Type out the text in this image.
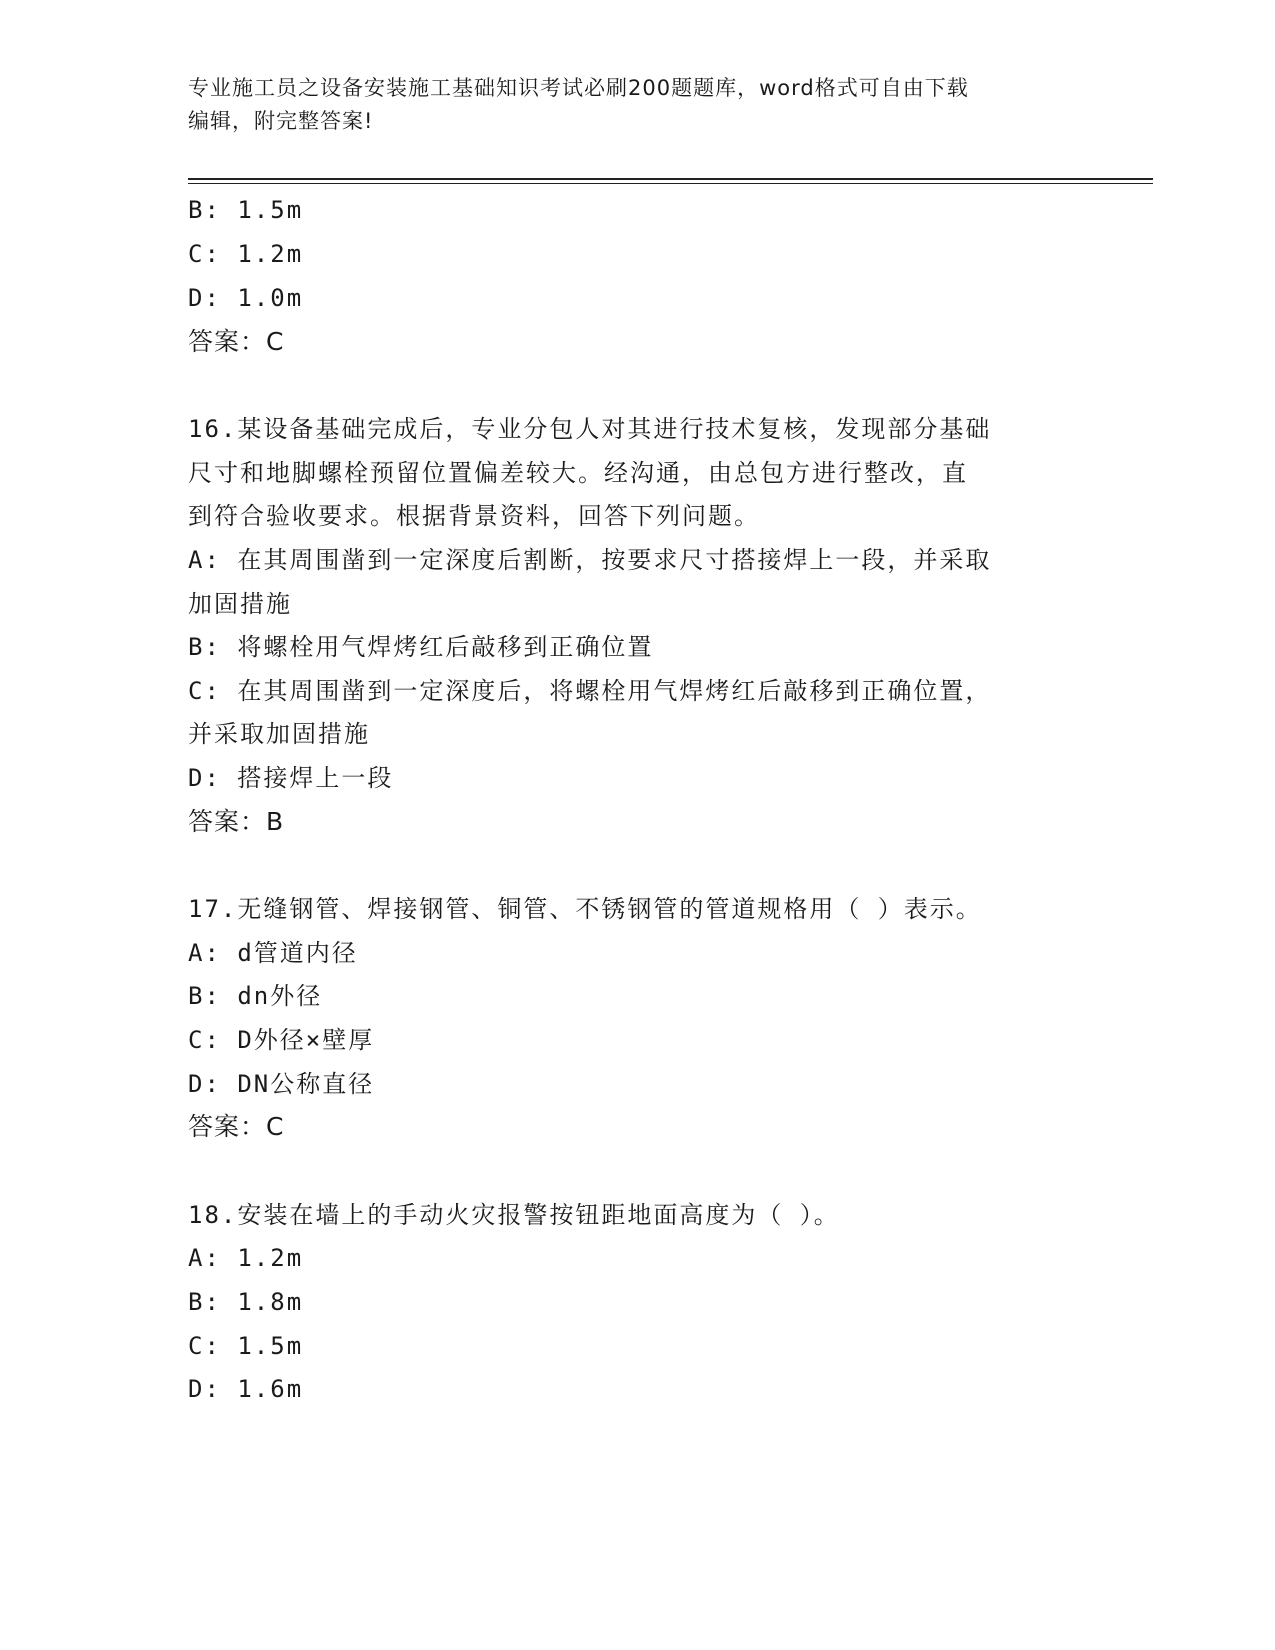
专业施工员之设备安装施工基础知识考试必刷200题题库，word格式可自由下载
编辑，附完整答案!
B: 1.5m
C: 1.2m
D: 1.0m
答案：C
16.某设备基础完成后，专业分包人对其进行技术复核，发现部分基础
尺寸和地脚螺栓预留位置偏差较大。经沟通，由总包方进行整改，直
到符合验收要求。根据背景资料，回答下列问题。
A: 在其周围凿到一定深度后割断，按要求尺寸搭接焊上一段，并采取
加固措施
B: 将螺栓用气焊烤红后敲移到正确位置
C: 在其周围凿到一定深度后，将螺栓用气焊烤红后敲移到正确位置，
并采取加固措施
D: 搭接焊上一段
答案：B
17.无缝钢管、焊接钢管、铜管、不锈钢管的管道规格用（ ）表示。
A: d管道内径
B: dn外径
C: D外径×壁厚
D: DN公称直径
答案：C
18.安装在墙上的手动火灾报警按钮距地面高度为（ ）。
A: 1.2m
B: 1.8m
C: 1.5m
D: 1.6m
